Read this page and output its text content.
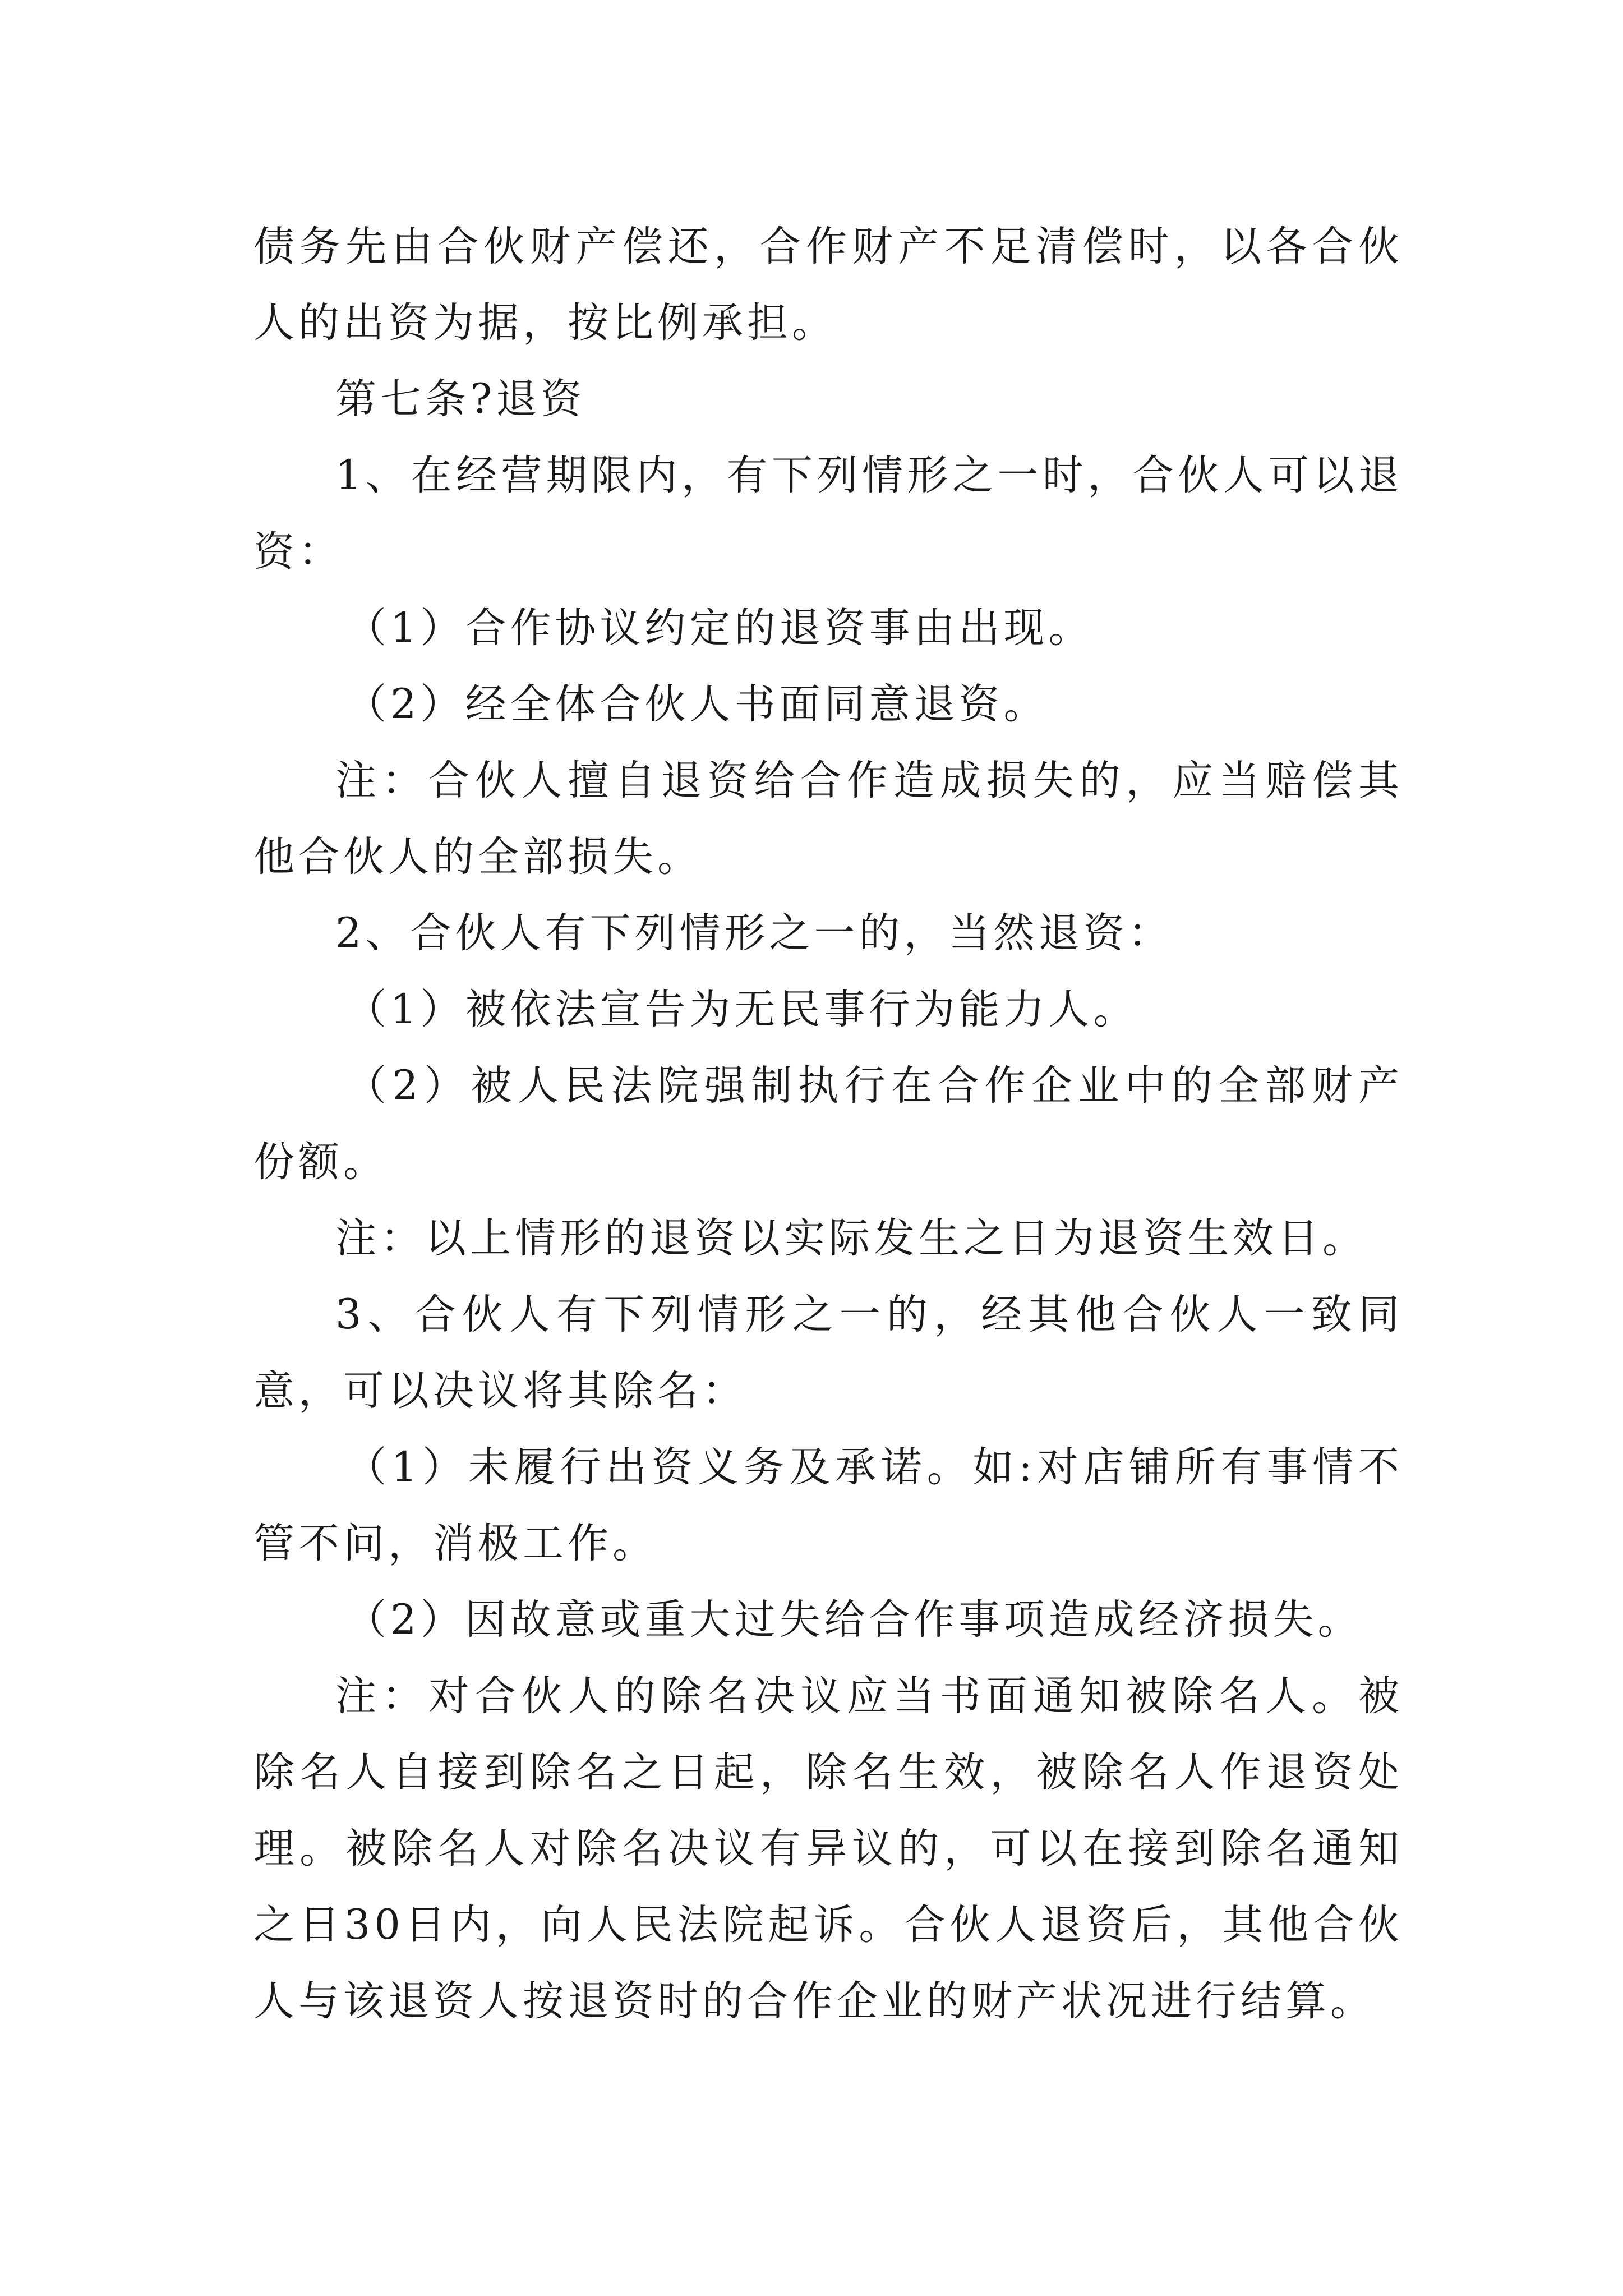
债务先由合伙财产偿还，合作财产不足清偿时，以各合伙人的出资为据，按比例承担。

第七条?退资

1、在经营期限内，有下列情形之一时，合伙人可以退资：

（1）合作协议约定的退资事由出现。

（2）经全体合伙人书面同意退资。

注：合伙人擅自退资给合作造成损失的，应当赔偿其他合伙人的全部损失。

2、合伙人有下列情形之一的，当然退资：

（1）被依法宣告为无民事行为能力人。

（2）被人民法院强制执行在合作企业中的全部财产份额。

注：以上情形的退资以实际发生之日为退资生效日。

3、合伙人有下列情形之一的，经其他合伙人一致同意，可以决议将其除名：

（1）未履行出资义务及承诺。如:对店铺所有事情不管不问，消极工作。

（2）因故意或重大过失给合作事项造成经济损失。

注：对合伙人的除名决议应当书面通知被除名人。被除名人自接到除名之日起，除名生效，被除名人作退资处理。被除名人对除名决议有异议的，可以在接到除名通知之日30日内，向人民法院起诉。合伙人退资后，其他合伙人与该退资人按退资时的合作企业的财产状况进行结算。
